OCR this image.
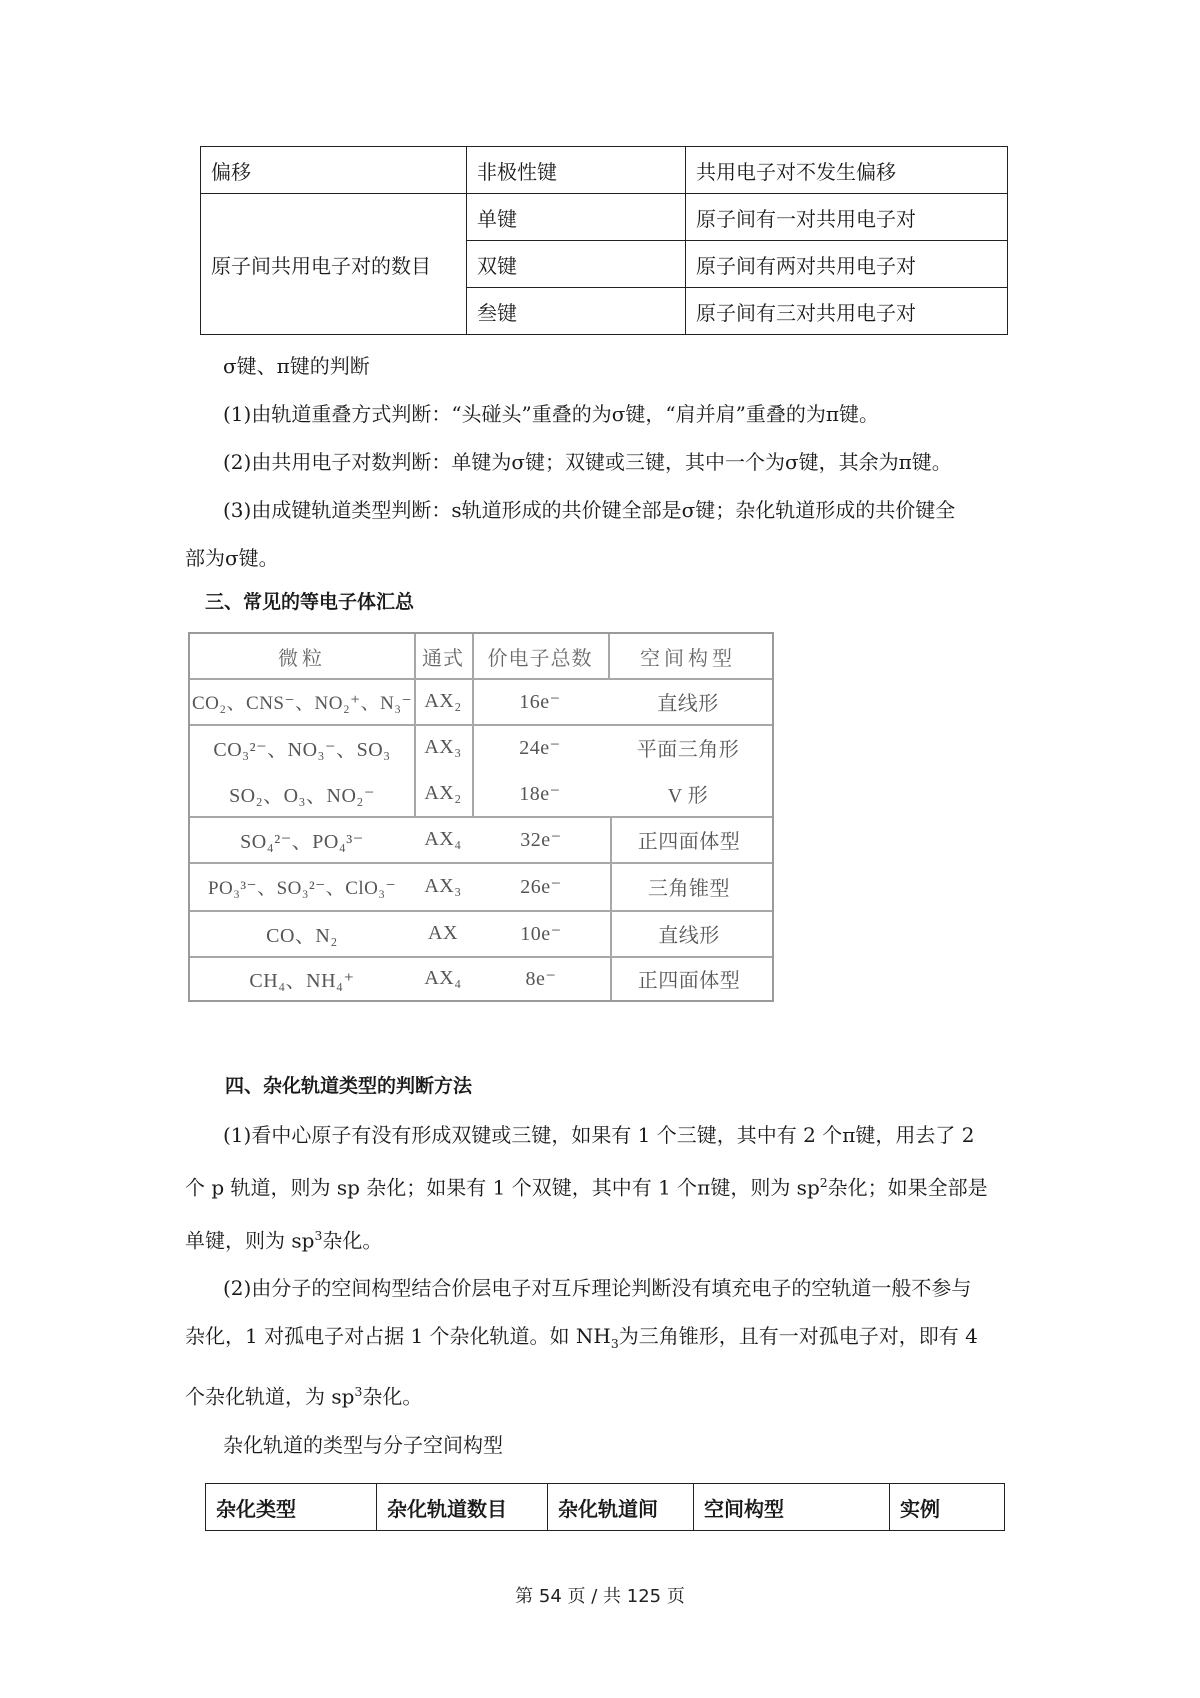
偏移	非极性键	共用电子对不发生偏移
原子间共用电子对的数目	单键	原子间有一对共用电子对
	双键	原子间有两对共用电子对
	叁键	原子间有三对共用电子对
σ键、π键的判断
(1)由轨道重叠方式判断：“头碰头”重叠的为σ键，“肩并肩”重叠的为π键。
(2)由共用电子对数判断：单键为σ键；双键或三键，其中一个为σ键，其余为π键。
(3)由成键轨道类型判断：s轨道形成的共价键全部是σ键；杂化轨道形成的共价键全
部为σ键。
三、常见的等电子体汇总
微粒	通式	价电子总数	空间构型
CO₂、CNS⁻、NO₂⁺、N₃⁻ AX₂	16e⁻	直线形
CO₃²⁻、NO₃⁻、SO₃	AX₃	24e⁻	平面三角形
SO₂、O₃、NO₂⁻	AX₂	18e⁻	V 形
SO₄²⁻、PO₄³⁻	AX₄	32e⁻	正四面体型
PO₃³⁻、SO₃²⁻、ClO₃⁻	AX₃	26e⁻	三角锥型
CO、N₂	AX	10e⁻	直线形
CH₄、NH₄⁺	AX₄	8e⁻	正四面体型
四、杂化轨道类型的判断方法
(1)看中心原子有没有形成双键或三键，如果有 1 个三键，其中有 2 个π键，用去了 2
个 p 轨道，则为 sp 杂化；如果有 1 个双键，其中有 1 个π键，则为 $sp^2$杂化；如果全部是
单键，则为 $sp^3$杂化。
(2)由分子的空间构型结合价层电子对互斥理论判断没有填充电子的空轨道一般不参与
杂化，1 对孤电子对占据 1 个杂化轨道。如 $NH_3$为三角锥形，且有一对孤电子对，即有 4
个杂化轨道，为 $sp^3$杂化。
杂化轨道的类型与分子空间构型
杂化类型	杂化轨道数目	杂化轨道间	空间构型	实例
第 54 页 / 共 125 页
